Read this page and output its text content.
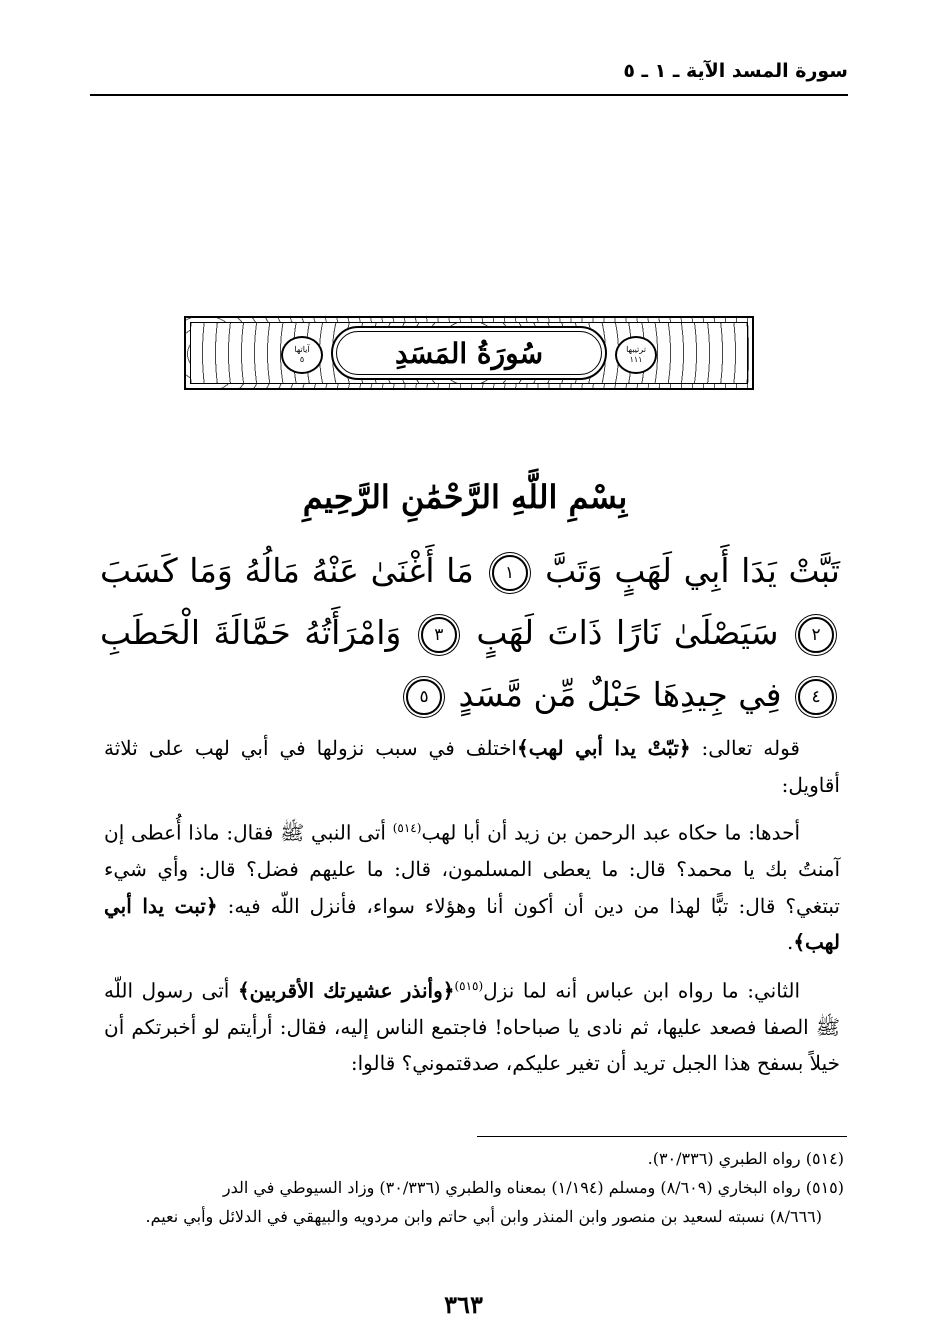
سورة المسد الآية ـ ١ ـ ٥
آياتها
٥	سُورَةُ المَسَدِ	ترتيبها
١١١
بِسْمِ اللَّهِ الرَّحْمَٰنِ الرَّحِيمِ
تَبَّتْ يَدَا أَبِي لَهَبٍ وَتَبَّ ١ مَا أَغْنَىٰ عَنْهُ مَالُهُ وَمَا كَسَبَ ٢ سَيَصْلَىٰ نَارًا ذَاتَ لَهَبٍ ٣ وَامْرَأَتُهُ حَمَّالَةَ الْحَطَبِ ٤ فِي جِيدِهَا حَبْلٌ مِّن مَّسَدٍ ٥

قوله تعالى: ﴿تبّتْ يدا أبي لهب﴾اختلف في سبب نزولها في أبي لهب على ثلاثة أقاويل:

أحدها: ما حكاه عبد الرحمن بن زيد أن أبا لهب$^{(٥١٤)}$ أتى النبي ﷺ فقال: ماذا أُعطى إن آمنتُ بك يا محمد؟ قال: ما يعطى المسلمون، قال: ما عليهم فضل؟ قال: وأي شيء تبتغي؟ قال: تبًّا لهذا من دين أن أكون أنا وهؤلاء سواء، فأنزل اللّه فيه: ﴿تبت يدا أبي لهب﴾.

الثاني: ما رواه ابن عباس أنه لما نزل$^{(٥١٥)}$﴿وأنذر عشيرتك الأقربين﴾ أتى رسول اللّه ﷺ الصفا فصعد عليها، ثم نادى يا صباحاه! فاجتمع الناس إليه، فقال: أرأيتم لو أخبرتكم أن خيلاً بسفح هذا الجبل تريد أن تغير عليكم، صدقتموني؟ قالوا:

(٥١٤) رواه الطبري (٣٠/٣٣٦).

(٥١٥) رواه البخاري (٨/٦٠٩) ومسلم (١/١٩٤) بمعناه والطبري (٣٠/٣٣٦) وزاد السيوطي في الدر

(٨/٦٦٦) نسبته لسعيد بن منصور وابن المنذر وابن أبي حاتم وابن مردويه والبيهقي في الدلائل وأبي نعيم.

٣٦٣
